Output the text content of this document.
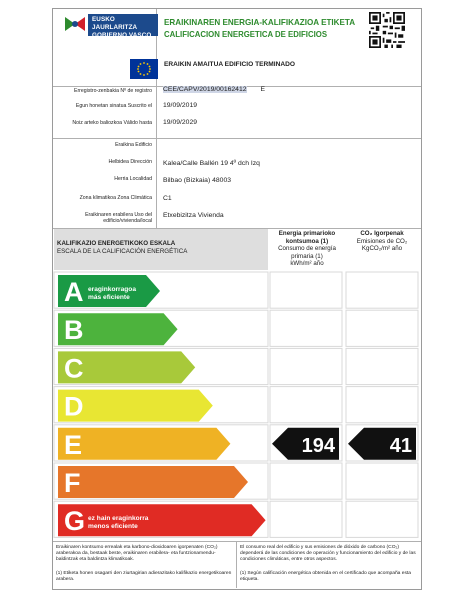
EUSKO JAURLARITZA GOBIERNO VASCO
ERAIKINAREN ENERGIA-KALIFIKAZIOA ETIKETA
CALIFICACION ENERGETICA DE EDIFICIOS
ERAIKIN AMAITUA EDIFICIO TERMINADO
Erregistro-zenbakia Nº de registro CEE/CAPV/2019/00162412 E
Egun honetan sinatua Suscrito el 19/09/2019
Noiz arteko baliozkoa Válido hasta 19/09/2029
Eraikina Edificio
Helbidea Dirección Kalea/Calle Ballén 19 4º dch Izq
Herria Localidad Bilbao (Bizkaia) 48003
Zona klimatikoa Zona Climática C1
Eraikinaren erabilera Uso del edificio/vivienda/local
Etxebizitza Vivienda
KALIFIKAZIO ENERGETIKOKO ESKALA
ESCALA DE LA CALIFICACIÓN ENERGÉTICA
Energia primarioko kontsumoa (1)
Consumo de energía primaria (1)
kWh/m² año
CO₂ Igorpenak
Emisiones de CO₂
KgCO₂/m² año
A
B
C
D
E
F
G
194	41
eraginkorragoa
más eficiente
ez hain eraginkorra
menos eficiente
Eraikinaren kontsumo errealak eta karbono-dioxidoaren igorpenaten (CO₂) araberakoa da, bestaak beste, eraikinaren erabilera- eta funtzionamendu-baldintzak eta baldintza klimatikoak.
El consumo real del edificio y sus emisiones de dióxido de carbono (CO₂) dependerá de las condiciones de operación y funcionamiento del edificio y de las condiciones climáticas, entre otros aspectos.
(1) Etiketa honen osagarri den ziurtagirian adierazitako kalifikazio energetikoaren arabera.
(1) Según calificación energética obtenida en el certificado que acompaña esta etiqueta.
